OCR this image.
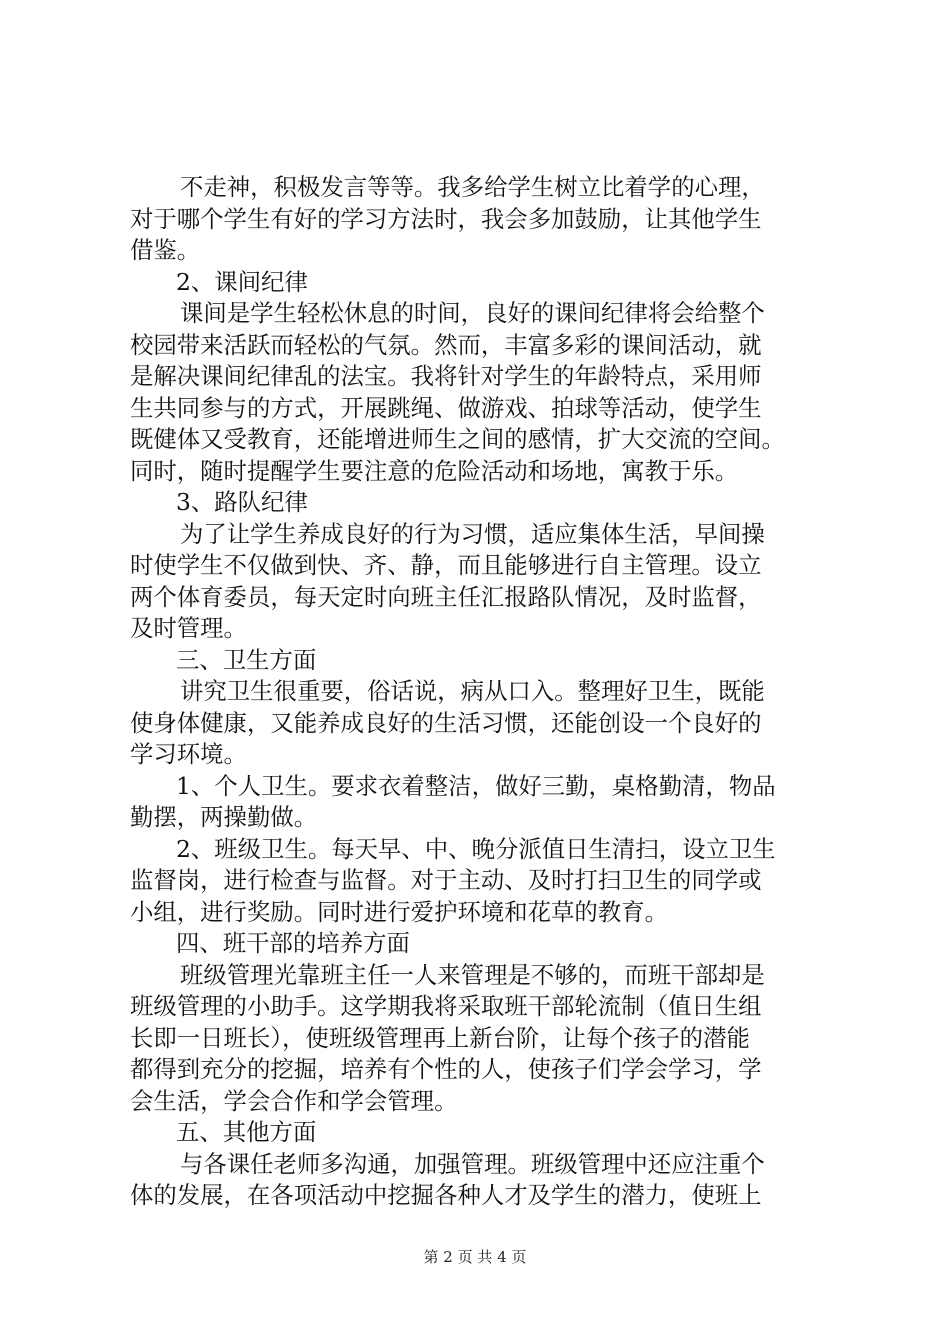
不走神，积极发言等等。我多给学生树立比着学的心理，
对于哪个学生有好的学习方法时，我会多加鼓励，让其他学生
借鉴。
2、课间纪律
课间是学生轻松休息的时间，良好的课间纪律将会给整个
校园带来活跃而轻松的气氛。然而，丰富多彩的课间活动，就
是解决课间纪律乱的法宝。我将针对学生的年龄特点，采用师
生共同参与的方式，开展跳绳、做游戏、拍球等活动，使学生
既健体又受教育，还能增进师生之间的感情，扩大交流的空间。
同时，随时提醒学生要注意的危险活动和场地，寓教于乐。
3、路队纪律
为了让学生养成良好的行为习惯，适应集体生活，早间操
时使学生不仅做到快、齐、静，而且能够进行自主管理。设立
两个体育委员，每天定时向班主任汇报路队情况，及时监督，
及时管理。
三、卫生方面
讲究卫生很重要，俗话说，病从口入。整理好卫生，既能
使身体健康，又能养成良好的生活习惯，还能创设一个良好的
学习环境。
1、个人卫生。要求衣着整洁，做好三勤，桌格勤清，物品
勤摆，两操勤做。
2、班级卫生。每天早、中、晚分派值日生清扫，设立卫生
监督岗，进行检查与监督。对于主动、及时打扫卫生的同学或
小组，进行奖励。同时进行爱护环境和花草的教育。
四、班干部的培养方面
班级管理光靠班主任一人来管理是不够的，而班干部却是
班级管理的小助手。这学期我将采取班干部轮流制（值日生组
长即一日班长），使班级管理再上新台阶，让每个孩子的潜能
都得到充分的挖掘，培养有个性的人，使孩子们学会学习，学
会生活，学会合作和学会管理。
五、其他方面
与各课任老师多沟通，加强管理。班级管理中还应注重个
体的发展，在各项活动中挖掘各种人才及学生的潜力，使班上
第 2 页 共 4 页
